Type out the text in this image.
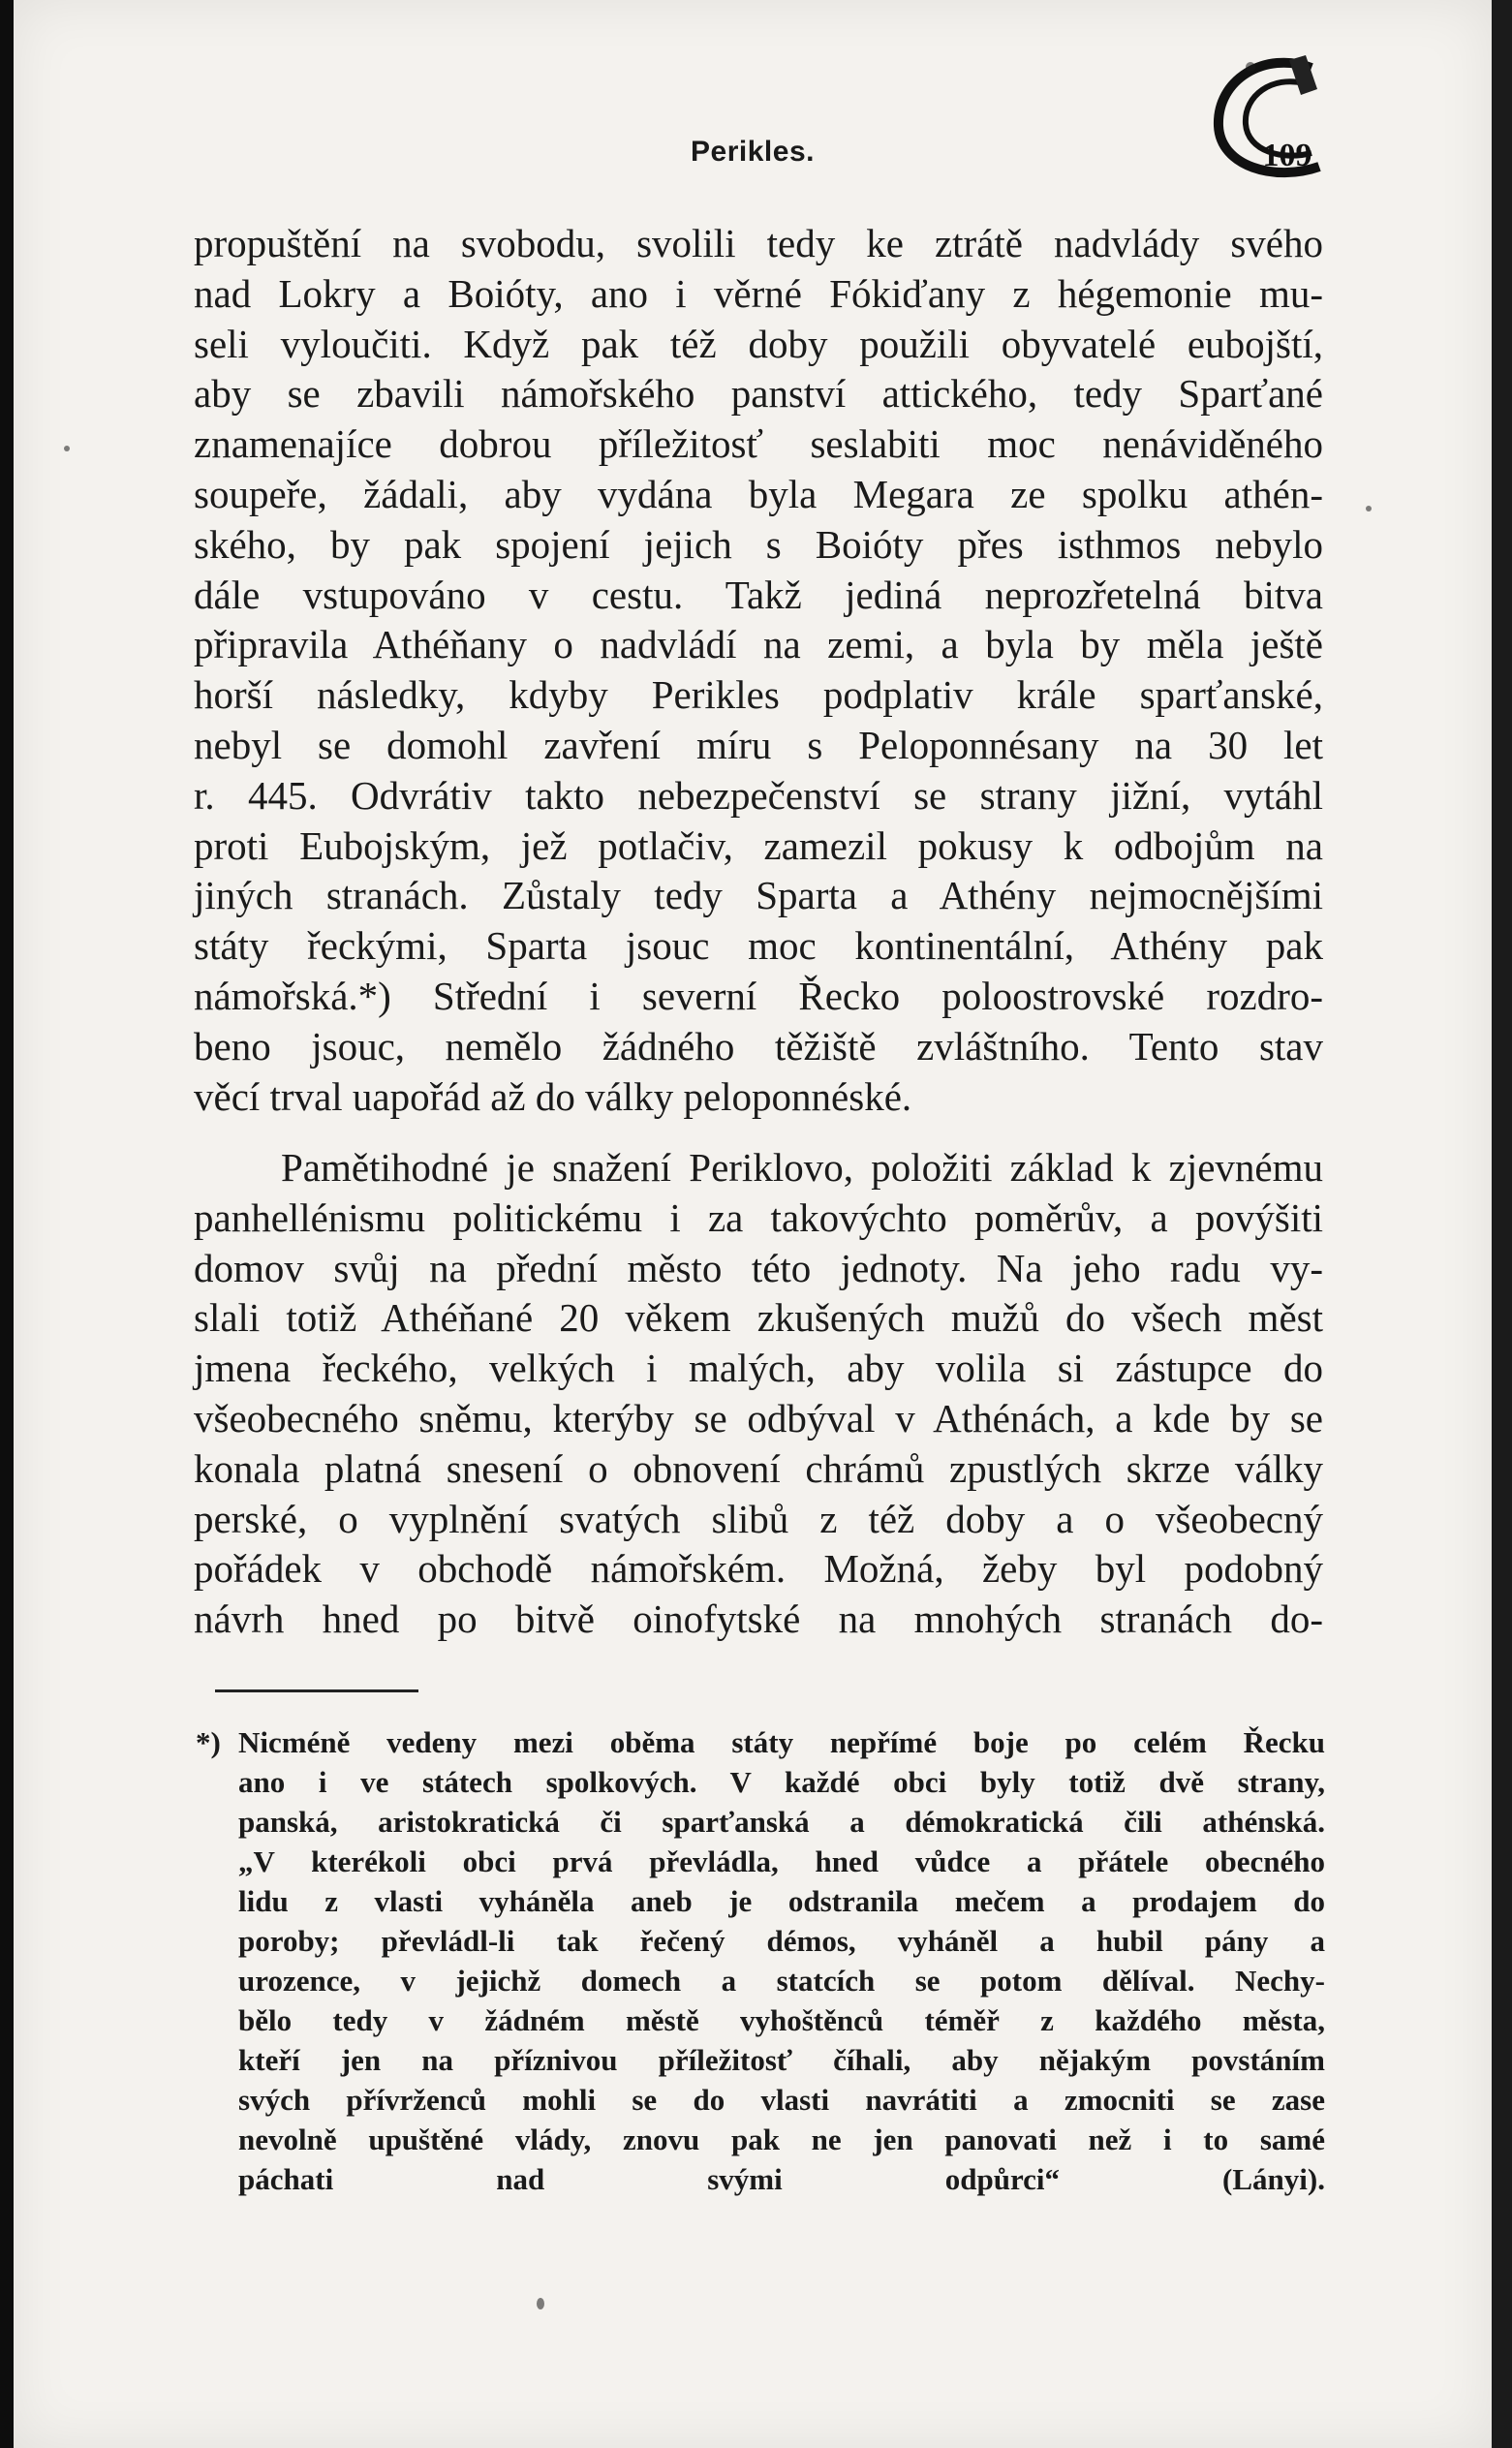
Perikles.	109
propuštění na svobodu, svolili tedy ke ztrátě nadvlády svého
nad Lokry a Boióty, ano i věrné Fókiďany z hégemonie mu-
seli vyloučiti. Když pak též doby použili obyvatelé eubojští,
aby se zbavili námořského panství attického, tedy Sparťané
znamenajíce dobrou příležitosť seslabiti moc nenáviděného
soupeře, žádali, aby vydána byla Megara ze spolku athén-
ského, by pak spojení jejich s Boióty přes isthmos nebylo
dále vstupováno v cestu. Takž jediná neprozřetelná bitva
připravila Athéňany o nadvládí na zemi, a byla by měla ještě
horší následky, kdyby Perikles podplativ krále sparťanské,
nebyl se domohl zavření míru s Peloponnésany na 30 let
r. 445. Odvrátiv takto nebezpečenství se strany jižní, vytáhl
proti Eubojským, jež potlačiv, zamezil pokusy k odbojům na
jiných stranách. Zůstaly tedy Sparta a Athény nejmocnějšími
státy řeckými, Sparta jsouc moc kontinentální, Athény pak
námořská.*) Střední i severní Řecko poloostrovské rozdro-
beno jsouc, nemělo žádného těžiště zvláštního. Tento stav
věcí trval uapořád až do války peloponnéské.
Pamětihodné je snažení Periklovo, položiti základ k zjevnému
panhellénismu politickému i za takovýchto poměrův, a povýšiti
domov svůj na přední město této jednoty. Na jeho radu vy-
slali totiž Athéňané 20 věkem zkušených mužů do všech měst
jmena řeckého, velkých i malých, aby volila si zástupce do
všeobecného sněmu, kterýby se odbýval v Athénách, a kde by se
konala platná snesení o obnovení chrámů zpustlých skrze války
perské, o vyplnění svatých slibů z též doby a o všeobecný
pořádek v obchodě námořském. Možná, žeby byl podobný
návrh hned po bitvě oinofytské na mnohých stranách do-
*) Nicméně vedeny mezi oběma státy nepřímé boje po celém Řecku
ano i ve státech spolkových. V každé obci byly totiž dvě strany,
panská, aristokratická či sparťanská a démokratická čili athénská.
„V kterékoli obci prvá převládla, hned vůdce a přátele obecného
lidu z vlasti vyháněla aneb je odstranila mečem a prodajem do
poroby; převládl-li tak řečený démos, vyháněl a hubil pány a
urozence, v jejichž domech a statcích se potom dělíval. Nechy-
bělo tedy v žádném městě vyhoštěnců téměř z každého města,
kteří jen na příznivou příležitosť číhali, aby nějakým povstáním
svých přívrženců mohli se do vlasti navrátiti a zmocniti se zase
nevolně upuštěné vlády, znovu pak ne jen panovati než i to samé
páchati nad svými odpůrci“ (Lányi).
